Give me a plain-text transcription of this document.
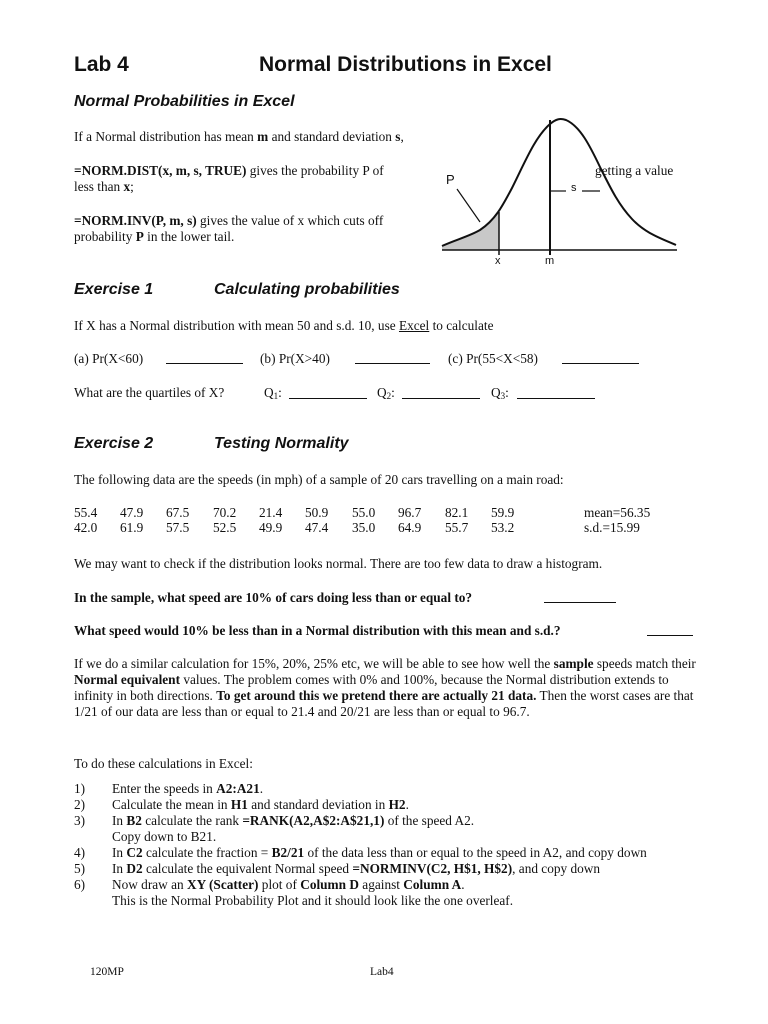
Lab 4	Normal Distributions in Excel
Normal Probabilities in Excel
If a Normal distribution has mean m and standard deviation s,
=NORM.DIST(x, m, s, TRUE) gives the probability P of
less than x;
getting a value
=NORM.INV(P, m, s) gives the value of x which cuts off
probability P in the lower tail.
P
s
x	m
Exercise 1	Calculating probabilities
If X has a Normal distribution with mean 50 and s.d. 10, use Excel to calculate
(a) Pr(X<60)	(b) Pr(X>40)	(c) Pr(55<X<58)
What are the quartiles of X?	$Q_1$:	$Q_2$:	$Q_3$:
Exercise 2	Testing Normality
The following data are the speeds (in mph) of a sample of 20 cars travelling on a main road:
55.4 47.9 67.5 70.2 21.4 50.9 55.0 96.7 82.1 59.9	mean=56.35
42.0 61.9 57.5 52.5 49.9 47.4 35.0 64.9 55.7 53.2	s.d.=15.99
We may want to check if the distribution looks normal. There are too few data to draw a histogram.
In the sample, what speed are 10% of cars doing less than or equal to?
What speed would 10% be less than in a Normal distribution with this mean and s.d.?
If we do a similar calculation for 15%, 20%, 25% etc, we will be able to see how well the sample speeds match their Normal equivalent values. The problem comes with 0% and 100%, because the Normal distribution extends to infinity in both directions. To get around this we pretend there are actually 21 data. Then the worst cases are that 1/21 of our data are less than or equal to 21.4 and 20/21 are less than or equal to 96.7.
To do these calculations in Excel:
1) Enter the speeds in A2:A21.
2) Calculate the mean in H1 and standard deviation in H2.
3) In B2 calculate the rank =RANK(A2,A$2:A$21,1) of the speed A2.
Copy down to B21.
4) In C2 calculate the fraction = B2/21 of the data less than or equal to the speed in A2, and copy down
5) In D2 calculate the equivalent Normal speed =NORMINV(C2, H$1, H$2), and copy down
6) Now draw an XY (Scatter) plot of Column D against Column A.
This is the Normal Probability Plot and it should look like the one overleaf.
120MP	Lab4
